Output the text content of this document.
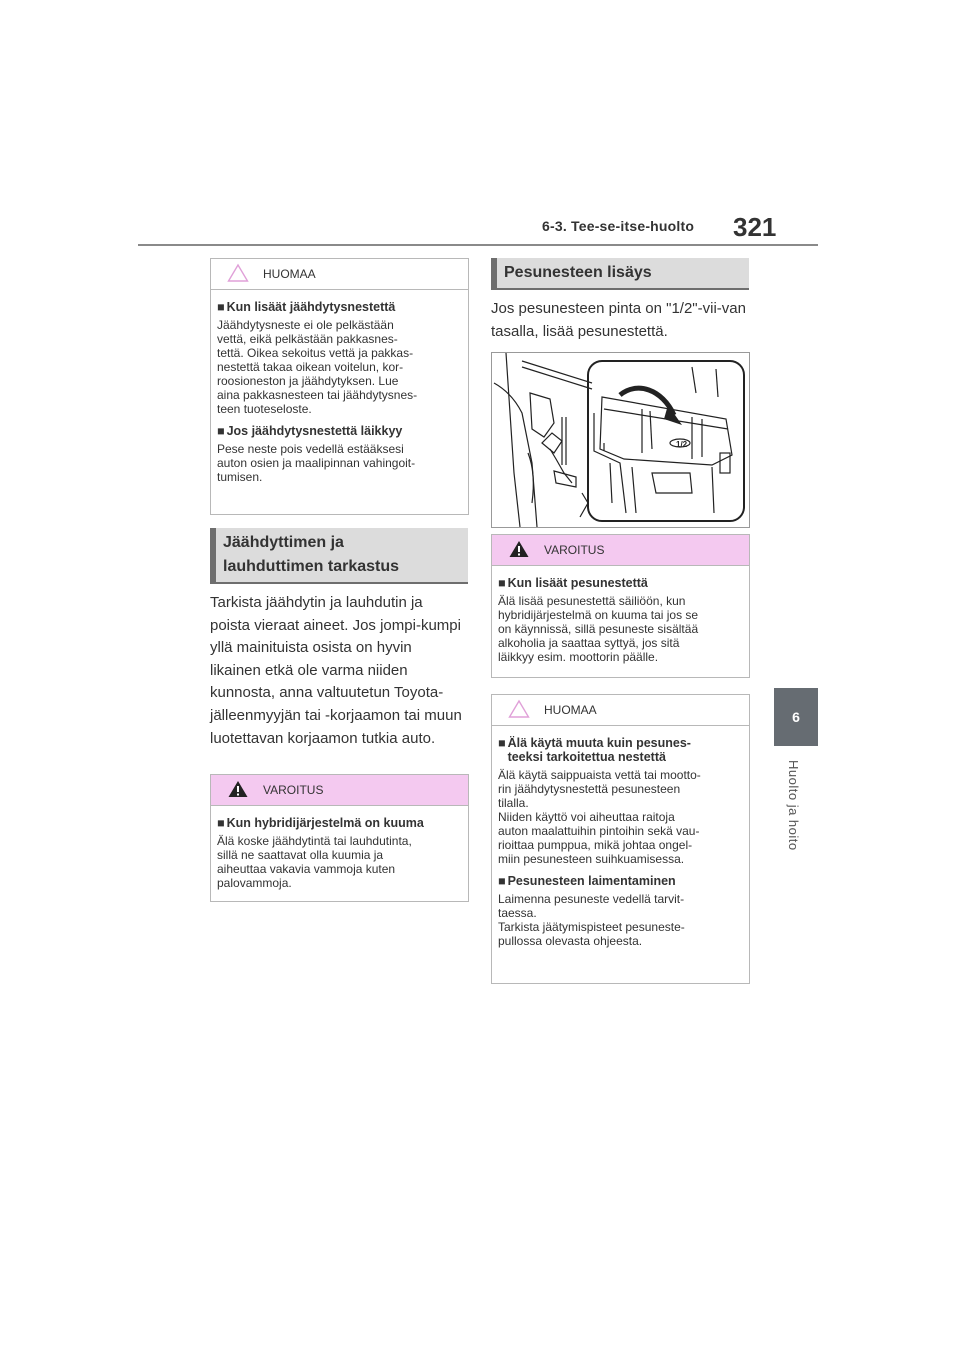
6-3. Tee-se-itse-huolto 321
6
Huolto ja hoito
HUOMAA
■ Kun lisäät jäähdytysnestettä
Jäähdytysneste ei ole pelkästään
vettä, eikä pelkästään pakkasnes-
tettä. Oikea sekoitus vettä ja pakkas-
nestettä takaa oikean voitelun, kor-
roosioneston ja jäähdytyksen. Lue
aina pakkasnesteen tai jäähdytysnes-
teen tuoteseloste.
■ Jos jäähdytysnestettä läikkyy
Pese neste pois vedellä estääksesi
auton osien ja maalipinnan vahingoit-
tumisen.
Jäähdyttimen ja
lauhduttimen tarkastus
Tarkista jäähdytin ja lauhdutin ja poista vieraat aineet. Jos jompi-kumpi yllä mainituista osista on hyvin likainen etkä ole varma niiden kunnosta, anna valtuutetun Toyota-jälleenmyyjän tai -korjaamon tai muun luotettavan korjaamon tutkia auto.
VAROITUS
■ Kun hybridijärjestelmä on kuuma
Älä koske jäähdytintä tai lauhdutinta,
sillä ne saattavat olla kuumia ja
aiheuttaa vakavia vammoja kuten
palovammoja.
Pesunesteen lisäys
Jos pesunesteen pinta on "1/2"-vii-van tasalla, lisää pesunestettä.
1/2
VAROITUS
■ Kun lisäät pesunestettä
Älä lisää pesunestettä säiliöön, kun
hybridijärjestelmä on kuuma tai jos se
on käynnissä, sillä pesuneste sisältää
alkoholia ja saattaa syttyä, jos sitä
läikkyy esim. moottorin päälle.
HUOMAA
■ Älä käytä muuta kuin pesunes-
teeksi tarkoitettua nestettä
Älä käytä saippuaista vettä tai mootto-
rin jäähdytysnestettä pesunesteen
tilalla.
Niiden käyttö voi aiheuttaa raitoja
auton maalattuihin pintoihin sekä vau-
rioittaa pumppua, mikä johtaa ongel-
miin pesunesteen suihkuamisessa.
■ Pesunesteen laimentaminen
Laimenna pesuneste vedellä tarvit-
taessa.
Tarkista jäätymispisteet pesuneste-
pullossa olevasta ohjeesta.
